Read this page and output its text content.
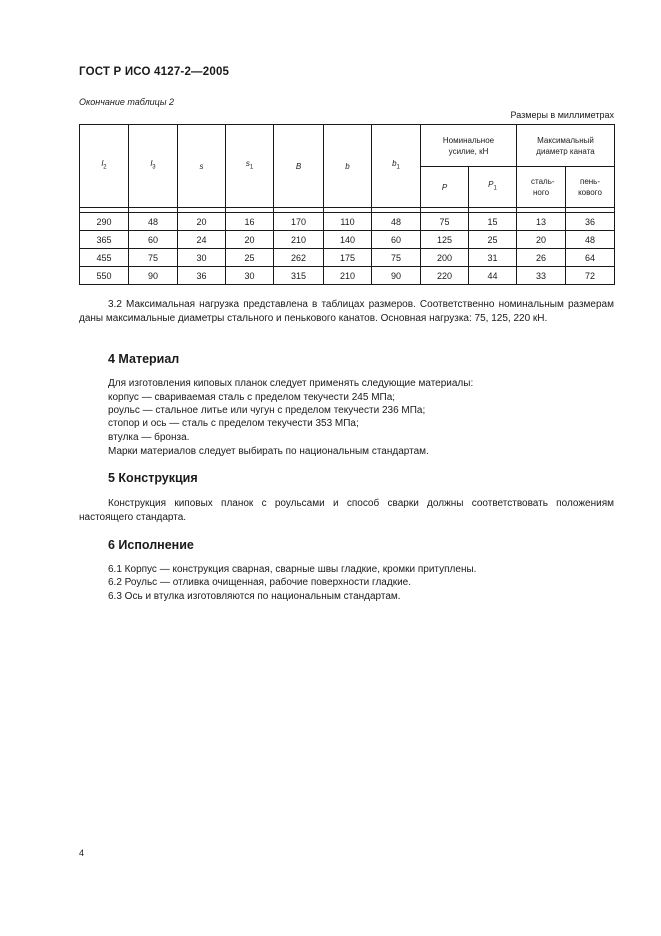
ГОСТ Р ИСО 4127-2—2005
Окончание таблицы 2
Размеры в миллиметрах
$l_2$	$l_3$	s	$s_1$	B	b	$b_1$	Номинальное усилие, кН		Максимальный диаметр каната	
							P	$P_1$	сталь-ного	пень-кового

290	48	20	16	170	110	48	75	15	13	36
365	60	24	20	210	140	60	125	25	20	48
455	75	30	25	262	175	75	200	31	26	64
550	90	36	30	315	210	90	220	44	33	72
3.2 Максимальная нагрузка представлена в таблицах размеров. Соответственно номинальным размерам даны максимальные диаметры стального и пенькового канатов. Основная нагрузка: 75, 125, 220 кН.
4 Материал
Для изготовления киповых планок следует применять следующие материалы:
корпус — свариваемая сталь с пределом текучести 245 МПа;
роульс — стальное литье или чугун с пределом текучести 236 МПа;
стопор и ось — сталь с пределом текучести 353 МПа;
втулка — бронза.
Марки материалов следует выбирать по национальным стандартам.
5 Конструкция
Конструкция киповых планок с роульсами и способ сварки должны соответствовать положениям настоящего стандарта.
6 Исполнение
6.1 Корпус — конструкция сварная, сварные швы гладкие, кромки притуплены.
6.2 Роульс — отливка очищенная, рабочие поверхности гладкие.
6.3 Ось и втулка изготовляются по национальным стандартам.
4
